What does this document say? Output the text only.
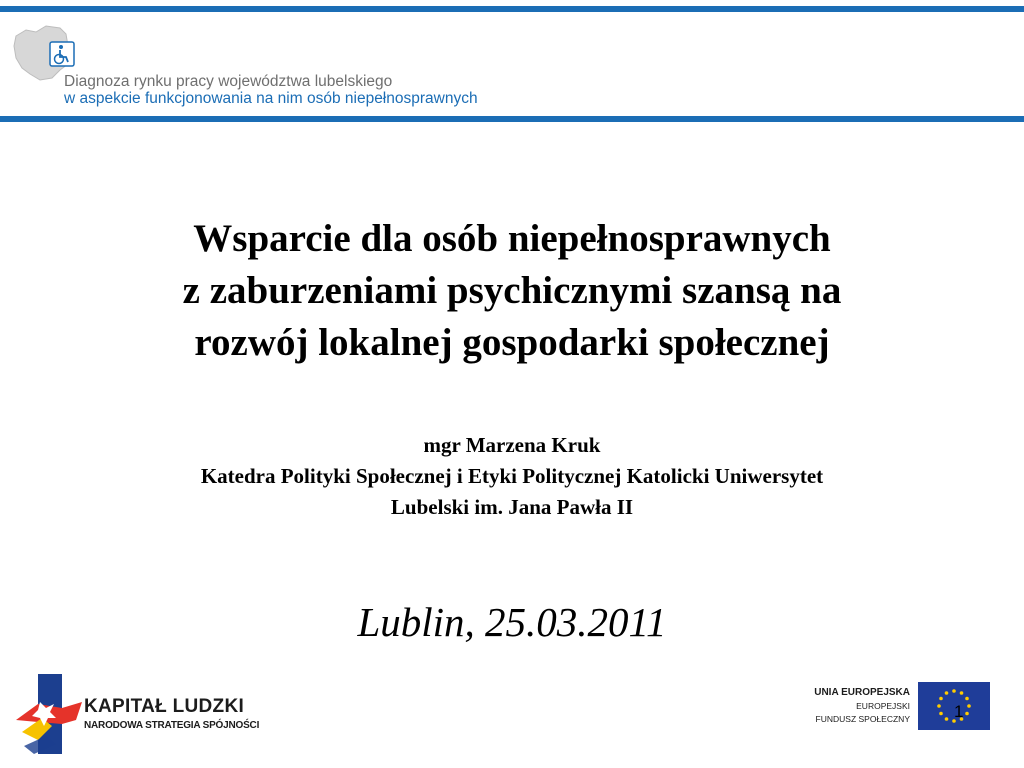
Diagnoza rynku pracy województwa lubelskiego
w aspekcie funkcjonowania na nim osób niepełnosprawnych
Wsparcie dla osób niepełnosprawnych
z zaburzeniami psychicznymi szansą na
rozwój lokalnej gospodarki społecznej
mgr Marzena Kruk
Katedra Polityki Społecznej i Etyki Politycznej Katolicki Uniwersytet
Lubelski im. Jana Pawła II
Lublin, 25.03.2011
KAPITAŁ LUDZKI
NARODOWA STRATEGIA SPÓJNOŚCI
UNIA EUROPEJSKA
EUROPEJSKI
FUNDUSZ SPOŁECZNY	1
